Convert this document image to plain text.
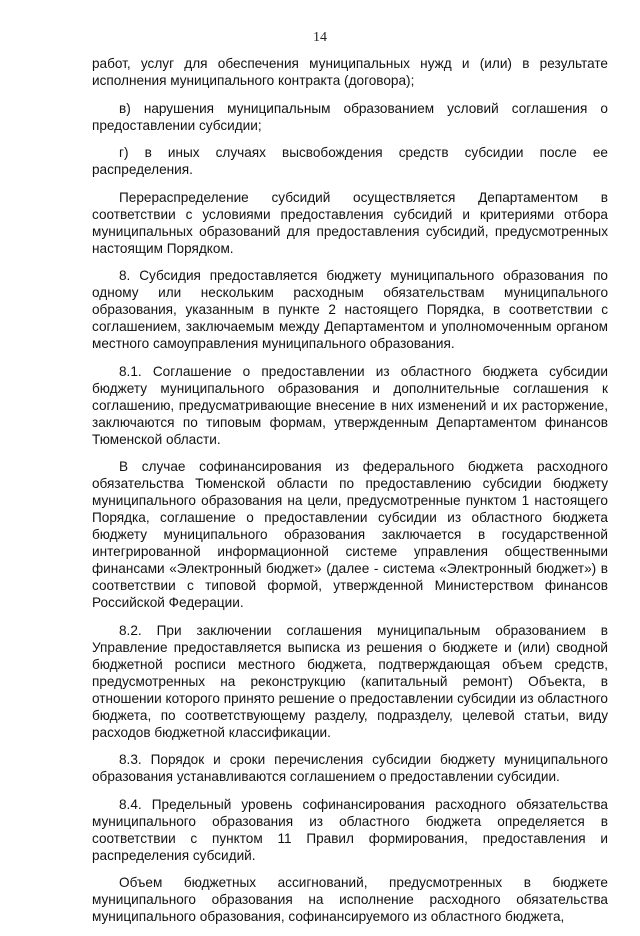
14

работ, услуг для обеспечения муниципальных нужд и (или) в результате исполнения муниципального контракта (договора);

в) нарушения муниципальным образованием условий соглашения о предоставлении субсидии;

г) в иных случаях высвобождения средств субсидии после ее распределения.

Перераспределение субсидий осуществляется Департаментом в соответствии с условиями предоставления субсидий и критериями отбора муниципальных образований для предоставления субсидий, предусмотренных настоящим Порядком.

8. Субсидия предоставляется бюджету муниципального образования по одному или нескольким расходным обязательствам муниципального образования, указанным в пункте 2 настоящего Порядка, в соответствии с соглашением, заключаемым между Департаментом и уполномоченным органом местного самоуправления муниципального образования.

8.1. Соглашение о предоставлении из областного бюджета субсидии бюджету муниципального образования и дополнительные соглашения к соглашению, предусматривающие внесение в них изменений и их расторжение, заключаются по типовым формам, утвержденным Департаментом финансов Тюменской области.

В случае софинансирования из федерального бюджета расходного обязательства Тюменской области по предоставлению субсидии бюджету муниципального образования на цели, предусмотренные пунктом 1 настоящего Порядка, соглашение о предоставлении субсидии из областного бюджета бюджету муниципального образования заключается в государственной интегрированной информационной системе управления общественными финансами «Электронный бюджет» (далее - система «Электронный бюджет») в соответствии с типовой формой, утвержденной Министерством финансов Российской Федерации.

8.2. При заключении соглашения муниципальным образованием в Управление предоставляется выписка из решения о бюджете и (или) сводной бюджетной росписи местного бюджета, подтверждающая объем средств, предусмотренных на реконструкцию (капитальный ремонт) Объекта, в отношении которого принято решение о предоставлении субсидии из областного бюджета, по соответствующему разделу, подразделу, целевой статьи, виду расходов бюджетной классификации.

8.3. Порядок и сроки перечисления субсидии бюджету муниципального образования устанавливаются соглашением о предоставлении субсидии.

8.4. Предельный уровень софинансирования расходного обязательства муниципального образования из областного бюджета определяется в соответствии с пунктом 11 Правил формирования, предоставления и распределения субсидий.

Объем бюджетных ассигнований, предусмотренных в бюджете муниципального образования на исполнение расходного обязательства муниципального образования, софинансируемого из областного бюджета,
